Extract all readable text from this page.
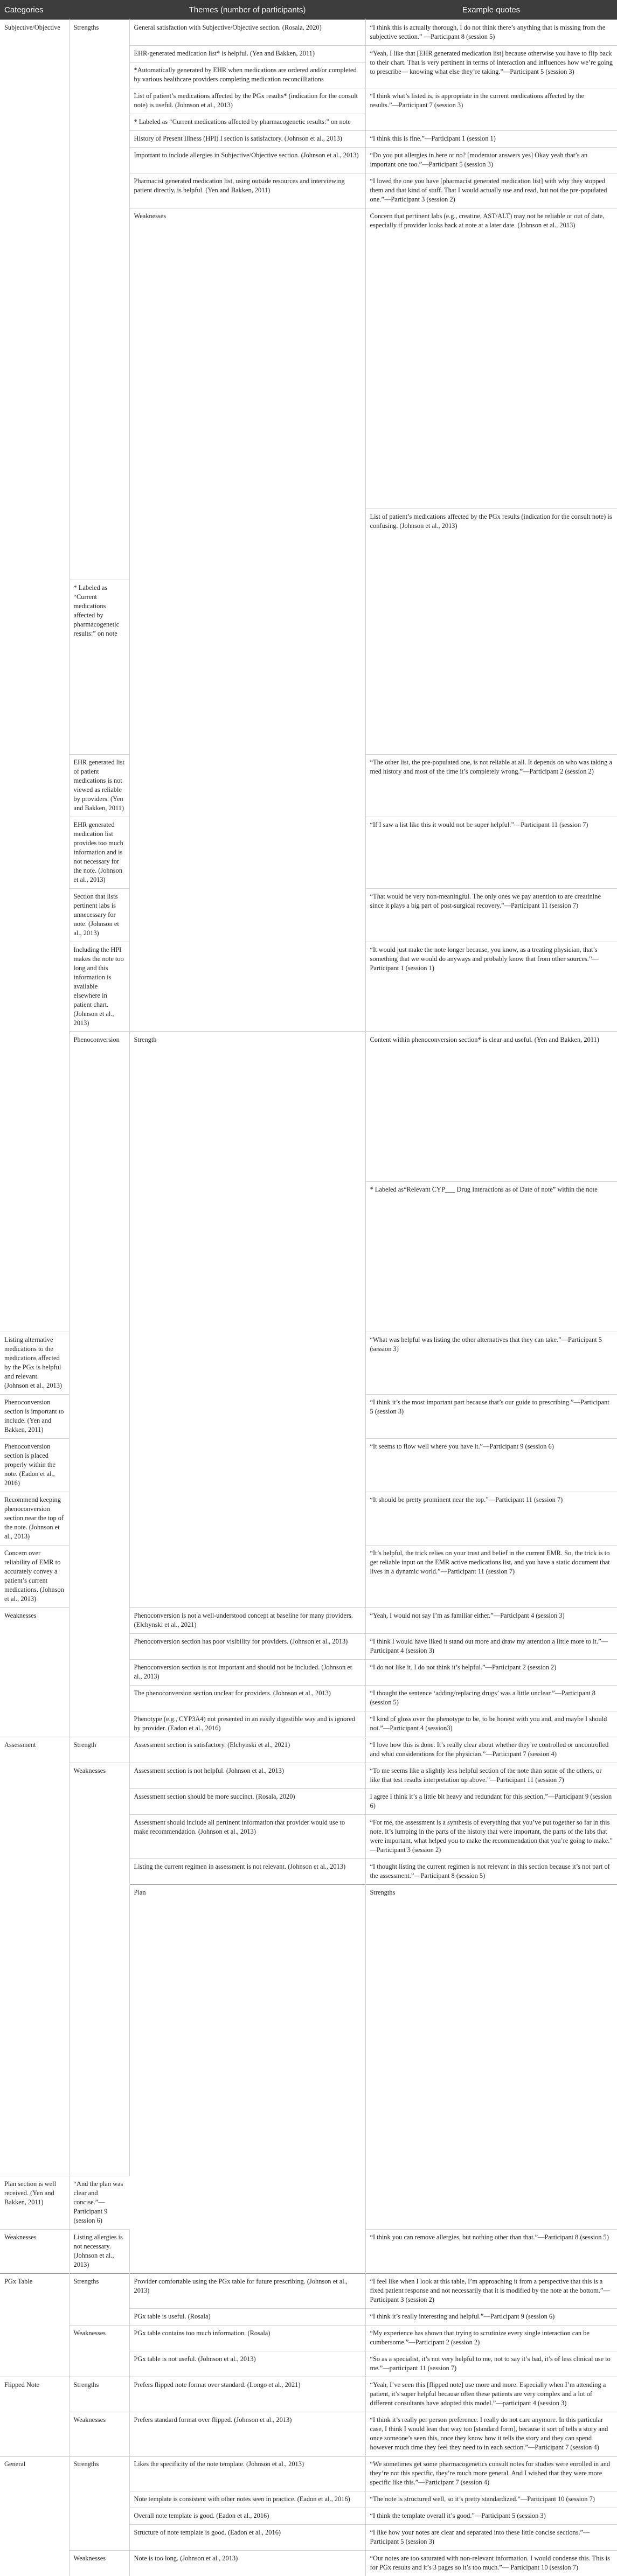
Categories		Themes (number of participants)	Example quotes	
Subjective/Objective	Strengths	General satisfaction with Subjective/Objective section. (Rosala, 2020)	“I think this is actually thorough, I do not think there’s anything that is missing from the subjective section.” —Participant 8 (session 5)	
		EHR-generated medication list* is helpful. (Yen and Bakken, 2011)	“Yeah, I like that [EHR generated medication list] because otherwise you have to flip back to their chart. That is very pertinent in terms of interaction and influences how we’re going to prescribe— knowing what else they’re taking.”—Participant 5 (session 3)	
		*Automatically generated by EHR when medications are ordered and/or completed by various healthcare providers completing medication reconcilliations		
		List of patient’s medications affected by the PGx results* (indication for the consult note) is useful. (Johnson et al., 2013)	“I think what’s listed is, is appropriate in the current medications affected by the results.”—Participant 7 (session 3)	
		* Labeled as “Current medications affected by pharmacogenetic results:” on note		
		History of Present Illness (HPI) I section is satisfactory. (Johnson et al., 2013)	“I think this is fine.”—Participant 1 (session 1)	
		Important to include allergies in Subjective/Objective section. (Johnson et al., 2013)	“Do you put allergies in here or no? [moderator answers yes] Okay yeah that’s an important one too.”—Participant 5 (session 3)	
		Pharmacist generated medication list, using outside resources and interviewing patient directly, is helpful. (Yen and Bakken, 2011)	“I loved the one you have [pharmacist generated medication list] with why they stopped them and that kind of stuff. That I would actually use and read, but not the pre-populated one.”—Participant 3 (session 2)	
		Weaknesses	Concern that pertinent labs (e.g., creatine, AST/ALT) may not be reliable or out of date, especially if provider looks back at note at a later date. (Johnson et al., 2013)	
			List of patient’s medications affected by the PGx results (indication for the consult note) is confusing. (Johnson et al., 2013)	
	* Labeled as “Current medications affected by pharmacogenetic results:” on note			
	EHR generated list of patient medications is not viewed as reliable by providers. (Yen and Bakken, 2011)		“The other list, the pre-populated one, is not reliable at all. It depends on who was taking a med history and most of the time it’s completely wrong.”—Participant 2 (session 2)	
	EHR generated medication list provides too much information and is not necessary for the note. (Johnson et al., 2013)		“If I saw a list like this it would not be super helpful.”—Participant 11 (session 7)	
	Section that lists pertinent labs is unnecessary for note. (Johnson et al., 2013)		“That would be very non-meaningful. The only ones we pay attention to are creatinine since it plays a big part of post-surgical recovery.”—Participant 11 (session 7)	
	Including the HPI makes the note too long and this information is available elsewhere in patient chart. (Johnson et al., 2013)		“It would just make the note longer because, you know, as a treating physician, that’s something that we would do anyways and probably know that from other sources.”—Participant 1 (session 1)	
	Phenoconversion	Strength	Content within phenoconversion section* is clear and useful. (Yen and Bakken, 2011)	
			* Labeled as“Relevant CYP___ Drug Interactions as of Date of note” within the note	
Listing alternative medications to the medications affected by the PGx is helpful and relevant. (Johnson et al., 2013)			“What was helpful was listing the other alternatives that they can take.”—Participant 5 (session 3)	
Phenoconversion section is important to include. (Yen and Bakken, 2011)			“I think it’s the most important part because that’s our guide to prescribing.”—Participant 5 (session 3)	
Phenoconversion section is placed properly within the note. (Eadon et al., 2016)			“It seems to flow well where you have it.”—Participant 9 (session 6)	
Recommend keeping phenoconversion section near the top of the note. (Johnson et al., 2013)			“It should be pretty prominent near the top.”—Participant 11 (session 7)	
Concern over reliability of EMR to accurately convey a patient’s current medications. (Johnson et al., 2013)			“It’s helpful, the trick relies on your trust and belief in the current EMR. So, the trick is to get reliable input on the EMR active medications list, and you have a static document that lives in a dynamic world.”—Participant 11 (session 7)	
Weaknesses		Phenoconversion is not a well-understood concept at baseline for many providers. (Elchynski et al., 2021)	“Yeah, I would not say I’m as familiar either.”—Participant 4 (session 3)	
		Phenoconversion section has poor visibility for providers. (Johnson et al., 2013)	“I think I would have liked it stand out more and draw my attention a little more to it.”—Participant 4 (session 3)	
		Phenoconversion section is not important and should not be included. (Johnson et al., 2013)	“I do not like it. I do not think it’s helpful.”—Participant 2 (session 2)	
		The phenoconversion section unclear for providers. (Johnson et al., 2013)	“I thought the sentence ‘adding/replacing drugs’ was a little unclear.”—Participant 8 (session 5)	
		Phenotype (e.g., CYP3A4) not presented in an easily digestible way and is ignored by provider. (Eadon et al., 2016)	“I kind of gloss over the phenotype to be, to be honest with you and, and maybe I should not.”—Participant 4 (session3)	
Assessment	Strength	Assessment section is satisfactory. (Elchynski et al., 2021)	“I love how this is done. It’s really clear about whether they’re controlled or uncontrolled and what considerations for the physician.”—Participant 7 (session 4)	
	Weaknesses	Assessment section is not helpful. (Johnson et al., 2013)	“To me seems like a slightly less helpful section of the note than some of the others, or like that test results interpretation up above.”—Participant 11 (session 7)	
		Assessment section should be more succinct. (Rosala, 2020)	I agree I think it’s a little bit heavy and redundant for this section.”—Participant 9 (session 6)	
		Assessment should include all pertinent information that provider would use to make recommendation. (Johnson et al., 2013)	“For me, the assessment is a synthesis of everything that you’ve put together so far in this note. It’s lumping in the parts of the history that were important, the parts of the labs that were important, what helped you to make the recommendation that you’re going to make.” —Participant 3 (session 2)	
		Listing the current regimen in assessment is not relevant. (Johnson et al., 2013)	“I thought listing the current regimen is not relevant in this section because it’s not part of the assessment.”—Participant 8 (session 5)	
		Plan	Strengths		
Plan section is well received. (Yen and Bakken, 2011)	“And the plan was clear and concise.”—Participant 9 (session 6)			
Weaknesses	Listing allergies is not necessary. (Johnson et al., 2013)		“I think you can remove allergies, but nothing other than that.”—Participant 8 (session 5)	
PGx Table	Strengths	Provider comfortable using the PGx table for future prescribing. (Johnson et al., 2013)	“I feel like when I look at this table, I’m approaching it from a perspective that this is a fixed patient response and not necessarily that it is modified by the note at the bottom.”—Participant 3 (session 2)	
		PGx table is useful. (Rosala)	“I think it’s really interesting and helpful.”—Participant 9 (session 6)	
	Weaknesses	PGx table contains too much information. (Rosala)	“My experience has shown that trying to scrutinize every single interaction can be cumbersome.”—Participant 2 (session 2)	
		PGx table is not useful. (Johnson et al., 2013)	“So as a specialist, it’s not very helpful to me, not to say it’s bad, it’s of less clinical use to me.”—participant 11 (session 7)	
Flipped Note	Strengths	Prefers flipped note format over standard. (Longo et al., 2021)	“Yeah, I’ve seen this [flipped note] use more and more. Especially when I’m attending a patient, it’s super helpful because often these patients are very complex and a lot of different consultants have adopted this model.”—participant 4 (session 3)	
	Weaknesses	Prefers standard format over flipped. (Johnson et al., 2013)	“I think it’s really per person preference. I really do not care anymore. In this particular case, I think I would lean that way too [standard form], because it sort of tells a story and once someone’s seen this, once they know how it tells the story and they can spend however much time they feel they need to in each section.”—Participant 7 (session 4)	
General	Strengths	Likes the specificity of the note template. (Johnson et al., 2013)	“We sometimes get some pharmacogenetics consult notes for studies were enrolled in and they’re not this specific, they’re much more general. And I wished that they were more specific like this.”—Participant 7 (session 4)	
		Note template is consistent with other notes seen in practice. (Eadon et al., 2016)	“The note is structured well, so it’s pretty standardized.”—Participant 10 (session 7)	
		Overall note template is good. (Eadon et al., 2016)	“I think the template overall it’s good.”—Participant 5 (session 3)	
		Structure of note template is good. (Eadon et al., 2016)	“I like how your notes are clear and separated into these little concise sections.”— Participant 5 (session 3)	
	Weaknesses	Note is too long. (Johnson et al., 2013)	“Our notes are too saturated with non-relevant information. I would condense this. This is for PGx results and it’s 3 pages so it’s too much.”— Participant 10 (session 7)	
